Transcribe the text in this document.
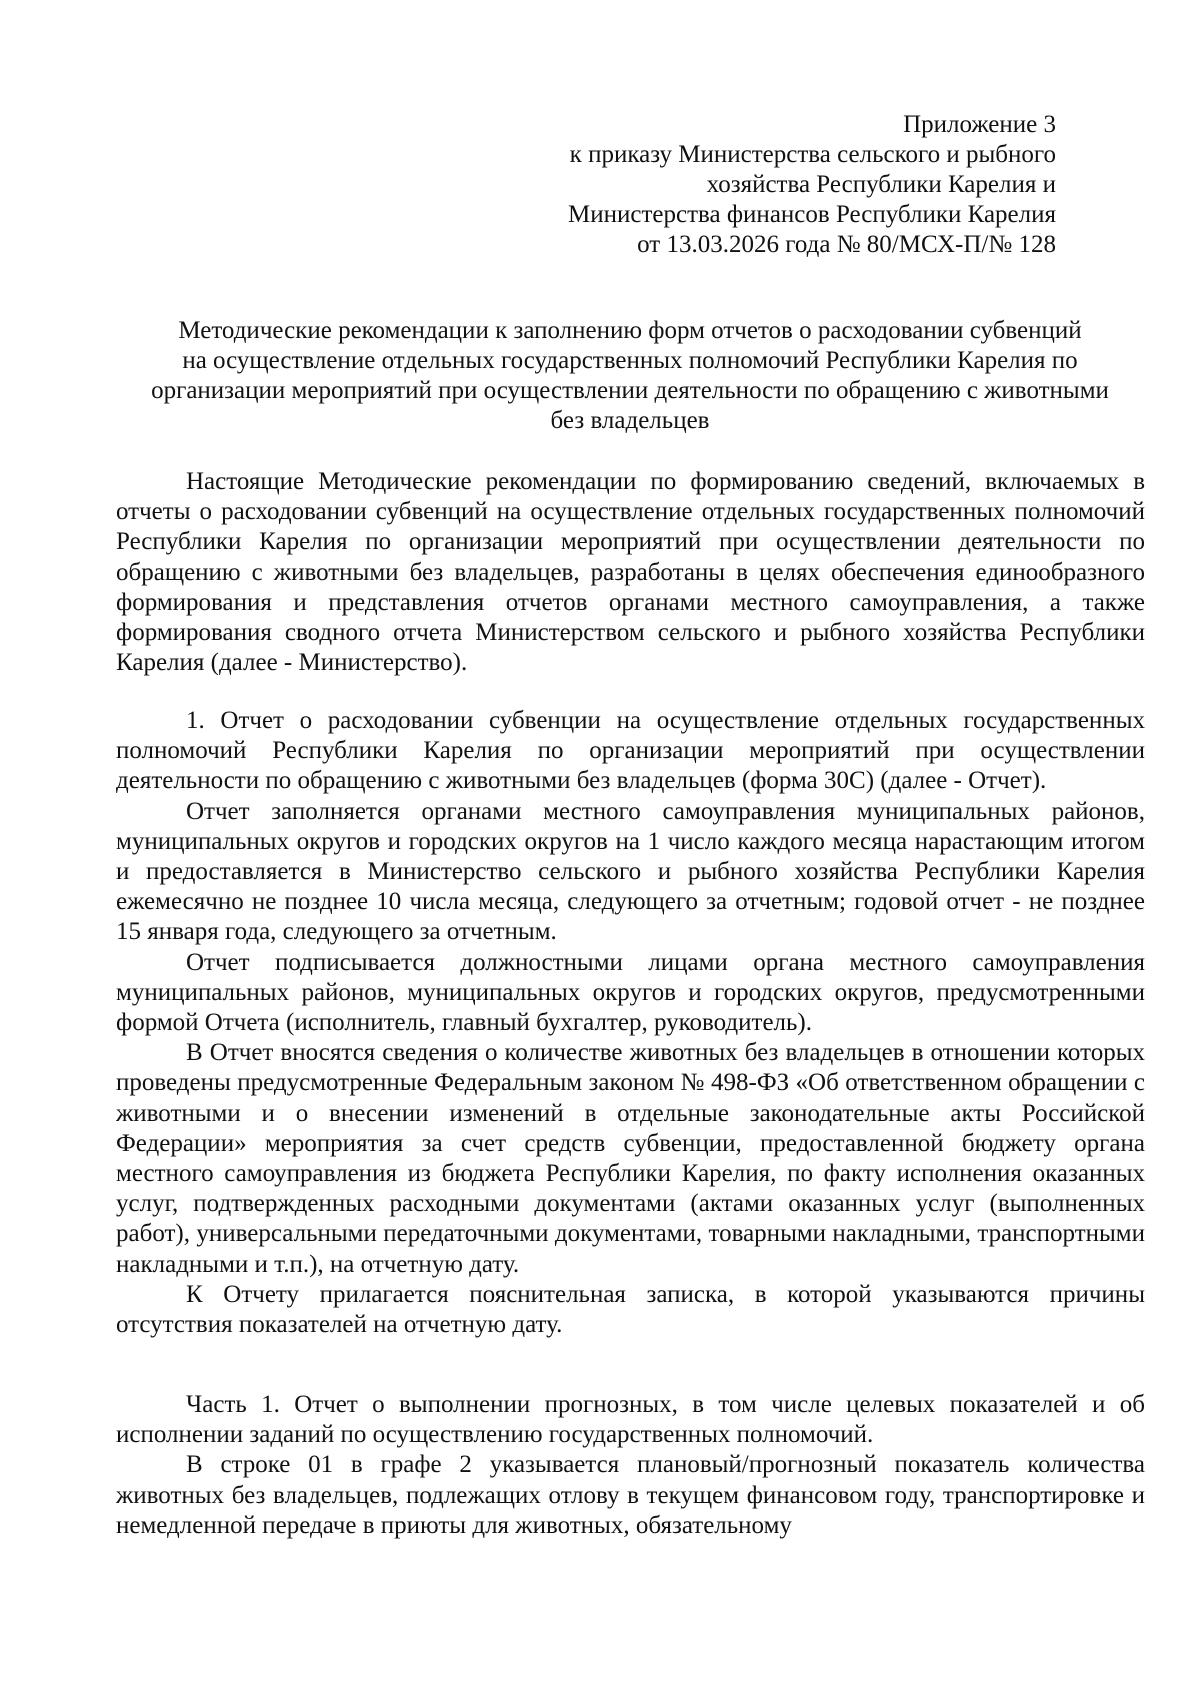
Приложение 3
к приказу Министерства сельского и рыбного
хозяйства Республики Карелия и
Министерства финансов Республики Карелия
от 13.03.2026 года № 80/МСХ-П/№ 128
Методические рекомендации к заполнению форм отчетов о расходовании субвенций
на осуществление отдельных государственных полномочий Республики Карелия по
организации мероприятий при осуществлении деятельности по обращению с животными
без владельцев

Настоящие Методические рекомендации по формированию сведений, включаемых в отчеты о расходовании субвенций на осуществление отдельных государственных полномочий Республики Карелия по организации мероприятий при осуществлении деятельности по обращению с животными без владельцев, разработаны в целях обеспечения единообразного формирования и представления отчетов органами местного самоуправления, а также формирования сводного отчета Министерством сельского и рыбного хозяйства Республики Карелия (далее - Министерство).

1. Отчет о расходовании субвенции на осуществление отдельных государственных полномочий Республики Карелия по организации мероприятий при осуществлении деятельности по обращению с животными без владельцев (форма 30С) (далее - Отчет).

Отчет заполняется органами местного самоуправления муниципальных районов, муниципальных округов и городских округов на 1 число каждого месяца нарастающим итогом и предоставляется в Министерство сельского и рыбного хозяйства Республики Карелия ежемесячно не позднее 10 числа месяца, следующего за отчетным; годовой отчет - не позднее 15 января года, следующего за отчетным.

Отчет подписывается должностными лицами органа местного самоуправления муниципальных районов, муниципальных округов и городских округов, предусмотренными формой Отчета (исполнитель, главный бухгалтер, руководитель).

В Отчет вносятся сведения о количестве животных без владельцев в отношении которых проведены предусмотренные Федеральным законом № 498-ФЗ «Об ответственном обращении с животными и о внесении изменений в отдельные законодательные акты Российской Федерации» мероприятия за счет средств субвенции, предоставленной бюджету органа местного самоуправления из бюджета Республики Карелия, по факту исполнения оказанных услуг, подтвержденных расходными документами (актами оказанных услуг (выполненных работ), универсальными передаточными документами, товарными накладными, транспортными накладными и т.п.), на отчетную дату.

К Отчету прилагается пояснительная записка, в которой указываются причины отсутствия показателей на отчетную дату.

Часть 1. Отчет о выполнении прогнозных, в том числе целевых показателей и об исполнении заданий по осуществлению государственных полномочий.

В строке 01 в графе 2 указывается плановый/прогнозный показатель количества животных без владельцев, подлежащих отлову в текущем финансовом году, транспортировке и немедленной передаче в приюты для животных, обязательному
